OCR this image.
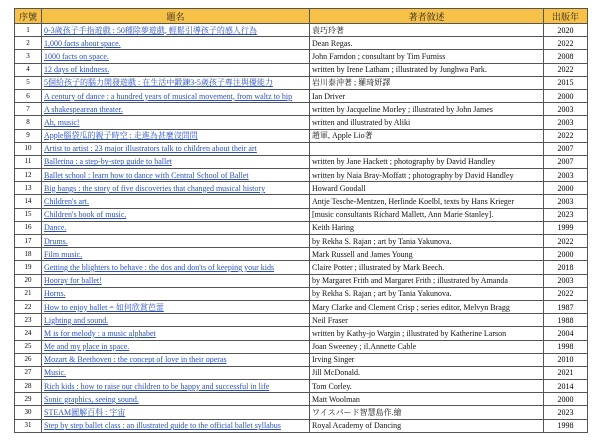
序號	題名	著者敘述	出版年
1	0-3歲孩子手指遊戲 : 50種除夢遊戲, 輕鬆引導孩子的感人行為	袁巧玲著	2020
2	1,000 facts about space.	Dean Regas.	2022
3	1000 facts on space.	John Farndon ; consultant by Tim Furniss	2008
4	12 days of kindness.	written by Irene Latham ; illustrated by Junghwa Park.	2022
5	5個給孩子的腦力開發遊戲 : 在生活中鍛鍊3-5歲孩子專注與優能力	岩川泰沖著 ; 羅琦妍譯	2015
6	A century of dance : a hundred years of musical movement, from waltz to hip	Ian Driver	2000
7	A shakespearean theater.	written by Jacqueline Morley ; illustrated by John James	2003
8	Ah, music!	written and illustrated by Aliki	2003
9	Apple腦袋瓜的親子時空 : 走進為甚麼沒問問	趙軍, Apple Lio著	2022
10	Artist to artist : 23 major illustrators talk to children about their art		2007
11	Ballerina : a step-by-step guide to ballet	written by Jane Hackett ; photography by David Handley	2007
12	Ballet school : learn how to dance with Central School of Ballet	written by Naia Bray-Moffatt ; photography by David Handley	2003
13	Big bangs : the story of five discoveries that changed musical history	Howard Goodall	2000
14	Children's art.	Antje Tesche-Mentzen, Herlinde Koelbl, texts by Hans Krieger	2003
15	Children's book of music.	[music consultants Richard Mallett, Ann Marie Stanley].	2023
16	Dance.	Keith Haring	1999
17	Drums.	by Rekha S. Rajan ; art by Tania Yakunova.	2022
18	Film music.	Mark Russell and James Young	2000
19	Getting the blighters to behave : the dos and don'ts of keeping your kids	Claire Potter ; illustrated by Mark Beech.	2018
20	Hooray for ballet!	by Margaret Frith and Margaret Frith ; illustrated by Amanda	2003
21	Horns.	by Rekha S. Rajan ; art by Tania Yakunova.	2022
22	How to enjoy ballet = 如何欣賞芭蕾	Mary Clarke and Clement Crisp ; series editor, Melvyn Bragg	1987
23	Lighting and sound.	Neil Fraser	1988
24	M is for melody : a music alphabet	written by Kathy-jo Wargin ; illustrated by Katherine Larson	2004
25	Me and my place in space.	Joan Sweeney ; il.Annette Cable	1998
26	Mozart & Beethoven : the concept of love in their operas	Irving Singer	2010
27	Music.	Jill McDonald.	2021
28	Rich kids : how to raise our children to be happy and successful in life	Tom Corley.	2014
29	Sonic graphics, seeing sound.	Matt Woolman	2000
30	STEAM圖解百科 : 宇宙	ワイスパード智慧島作.繪	2023
31	Step by step ballet class : an illustrated guide to the official ballet syllabus	Royal Academy of Dancing	1998
